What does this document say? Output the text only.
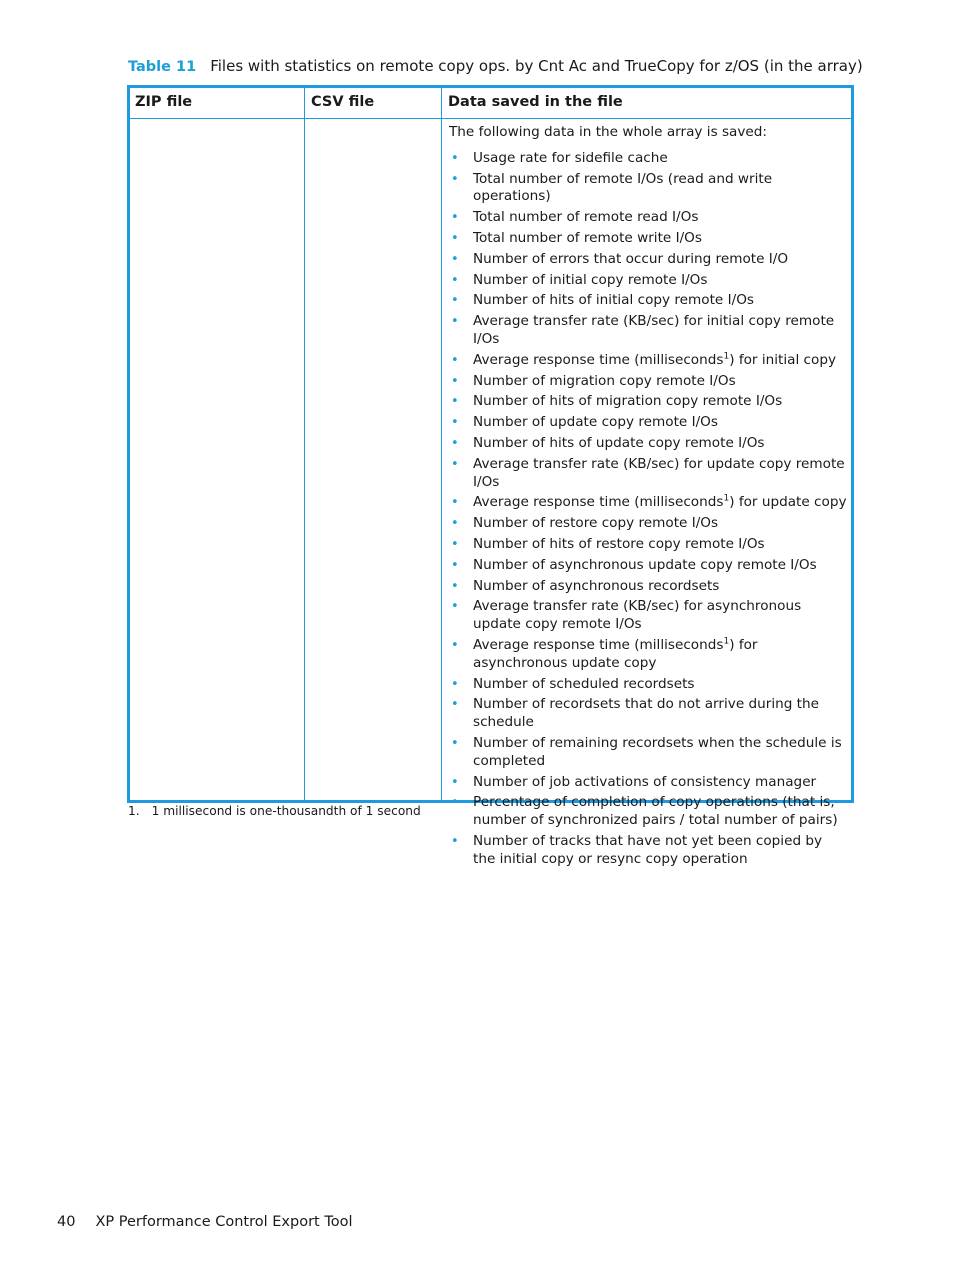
Table 11 Files with statistics on remote copy ops. by Cnt Ac and TrueCopy for z/OS (in the array)
ZIP file	CSV file	Data saved in the file

The following data in the whole array is saved:

• Usage rate for sidefile cache
• Total number of remote I/Os (read and write operations)
• Total number of remote read I/Os
• Total number of remote write I/Os
• Number of errors that occur during remote I/O
• Number of initial copy remote I/Os
• Number of hits of initial copy remote I/Os
• Average transfer rate (KB/sec) for initial copy remote I/Os
• Average response time (milliseconds$^1$) for initial copy
• Number of migration copy remote I/Os
• Number of hits of migration copy remote I/Os
• Number of update copy remote I/Os
• Number of hits of update copy remote I/Os
• Average transfer rate (KB/sec) for update copy remote I/Os
• Average response time (milliseconds$^1$) for update copy
• Number of restore copy remote I/Os
• Number of hits of restore copy remote I/Os
• Number of asynchronous update copy remote I/Os
• Number of asynchronous recordsets
• Average transfer rate (KB/sec) for asynchronous update copy remote I/Os
• Average response time (milliseconds$^1$) for asynchronous update copy
• Number of scheduled recordsets
• Number of recordsets that do not arrive during the schedule
• Number of remaining recordsets when the schedule is completed
• Number of job activations of consistency manager
• Percentage of completion of copy operations (that is, number of synchronized pairs / total number of pairs)
• Number of tracks that have not yet been copied by the initial copy or resync copy operation
1. 1 millisecond is one-thousandth of 1 second
40 XP Performance Control Export Tool
